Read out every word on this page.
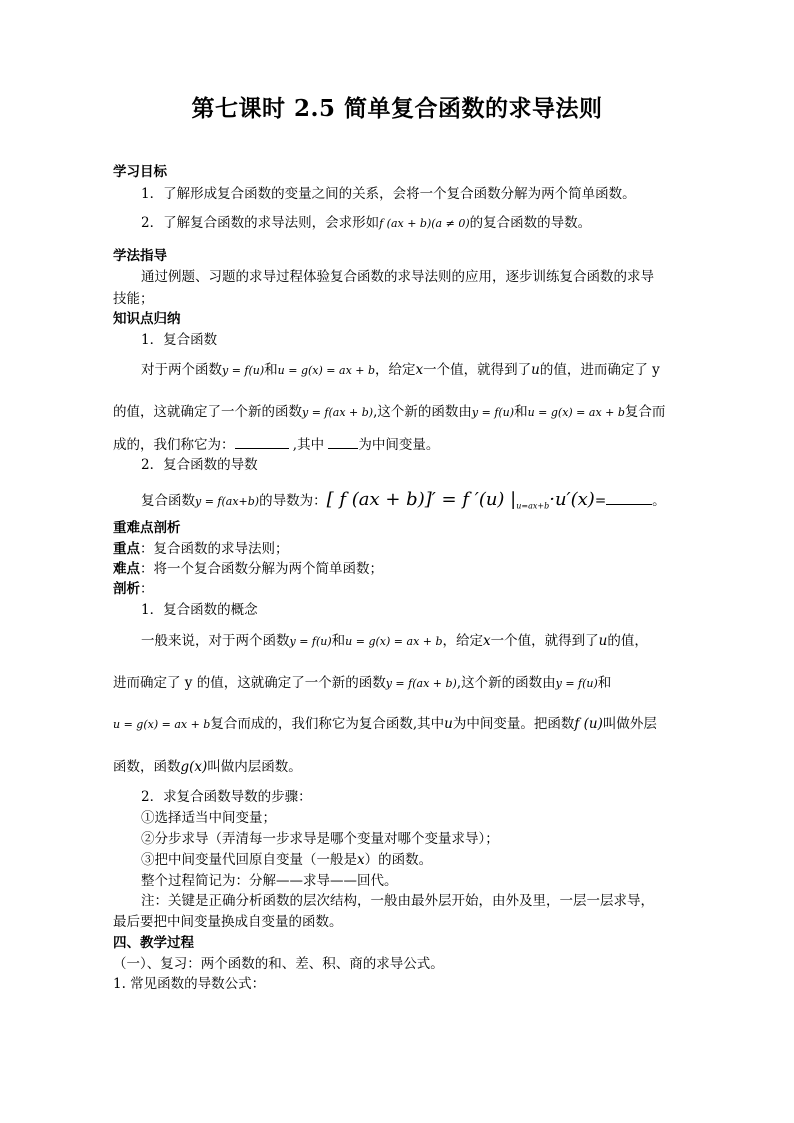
第七课时 2.5 简单复合函数的求导法则
学习目标
1．了解形成复合函数的变量之间的关系，会将一个复合函数分解为两个简单函数。
2．了解复合函数的求导法则，会求形如f (ax + b)(a ≠ 0)的复合函数的导数。
学法指导
通过例题、习题的求导过程体验复合函数的求导法则的应用，逐步训练复合函数的求导
技能；
知识点归纳
1．复合函数
对于两个函数y = f(u)和u = g(x) = ax + b，给定x一个值，就得到了u的值，进而确定了 y
的值，这就确定了一个新的函数y = f(ax + b),这个新的函数由y = f(u)和u = g(x) = ax + b复合而
成的，我们称它为：	,其中 为中间变量。
2．复合函数的导数
复合函数y = f(ax+b)的导数为：[ f (ax + b)]′ = f ′(u) $|_{u=ax+b}\cdot u'(x)=$	。
重难点剖析
重点：复合函数的求导法则；
难点：将一个复合函数分解为两个简单函数；
剖析：
1．复合函数的概念
一般来说，对于两个函数y = f(u)和u = g(x) = ax + b，给定x一个值，就得到了u的值，
进而确定了 y 的值，这就确定了一个新的函数y = f(ax + b),这个新的函数由y = f(u)和
u = g(x) = ax + b复合而成的，我们称它为复合函数,其中u为中间变量。把函数f (u)叫做外层
函数，函数g(x)叫做内层函数。
2．求复合函数导数的步骤：
①选择适当中间变量；
②分步求导（弄清每一步求导是哪个变量对哪个变量求导）；
③把中间变量代回原自变量（一般是x）的函数。
整个过程简记为：分解——求导——回代。
注：关键是正确分析函数的层次结构，一般由最外层开始，由外及里，一层一层求导，
最后要把中间变量换成自变量的函数。
四、教学过程
（一）、复习：两个函数的和、差、积、商的求导公式。
1. 常见函数的导数公式：
